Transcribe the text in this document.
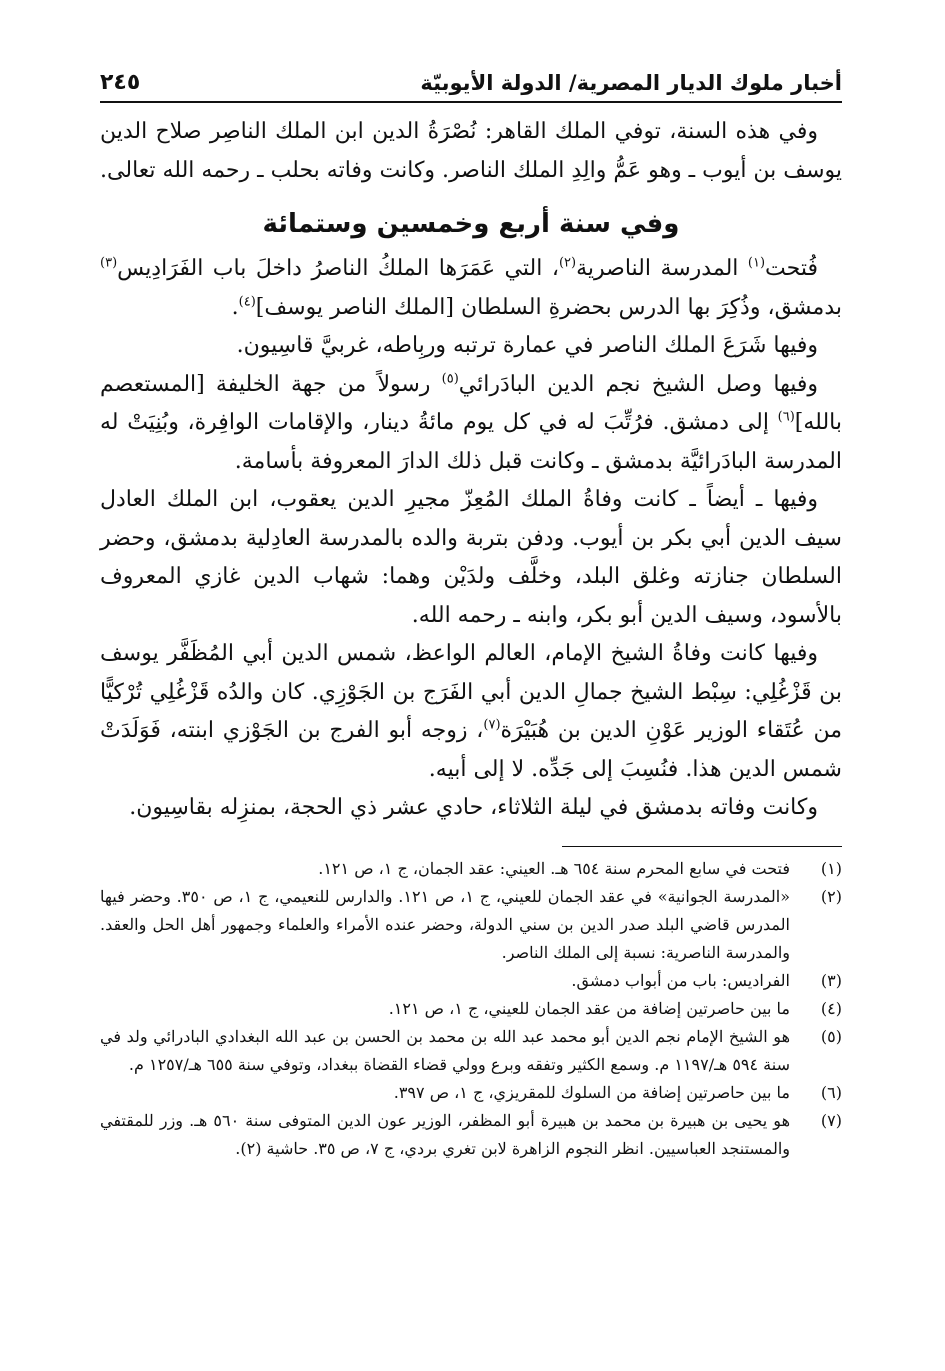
أخبار ملوك الديار المصرية/ الدولة الأيوبيّة
٢٤٥

وفي هذه السنة، توفي الملك القاهر: نُصْرَةُ الدين ابن الملك الناصِر صلاح الدين يوسف بن أيوب ـ وهو عَمُّ والِدِ الملك الناصر. وكانت وفاته بحلب ـ رحمه الله تعالى.

وفي سنة أربع وخمسين وستمائة

فُتحت$^{(١)}$ المدرسة الناصرية$^{(٢)}$، التي عَمَرَها الملكُ الناصرُ داخلَ باب الفَرَادِيس$^{(٣)}$ بدمشق، وذُكِرَ بها الدرس بحضرةِ السلطان [الملك الناصر يوسف]$^{(٤)}$.

وفيها شَرَعَ الملك الناصر في عمارة ترتبه وربِاطه، غربيَّ قاسِيون.

وفيها وصل الشيخ نجم الدين البادَرائي$^{(٥)}$ رسولاً من جهة الخليفة [المستعصم بالله]$^{(٦)}$ إلى دمشق. فرُتِّبَ له في كل يوم مائةُ دينار، والإقامات الوافِرة، وبُنِيَتْ له المدرسة البادَرائيَّة بدمشق ـ وكانت قبل ذلك الدارَ المعروفة بأسامة.

وفيها ـ أيضاً ـ كانت وفاةُ الملك المُعِزّ مجيرِ الدين يعقوب، ابن الملك العادل سيف الدين أبي بكر بن أيوب. ودفن بتربة والده بالمدرسة العادِلية بدمشق، وحضر السلطان جنازته وغلق البلد، وخلَّف ولدَيْن وهما: شهاب الدين غازي المعروف بالأسود، وسيف الدين أبو بكر، وابنه ـ رحمه الله.

وفيها كانت وفاةُ الشيخ الإمام، العالم الواعظ، شمس الدين أبي المُظَفَّر يوسف بن قَزْغُلِي: سِبْط الشيخ جمالِ الدين أبي الفَرَج بن الجَوْزِي. كان والدُه قَزْغُلِي تُرْكيًّا من عُتَقاء الوزير عَوْنِ الدين بن هُبَيْرَة$^{(٧)}$، زوجه أبو الفرج بن الجَوْزي ابنته، فَوَلَدَتْ شمس الدين هذا. فنُسِبَ إلى جَدِّه. لا إلى أبيه.

وكانت وفاته بدمشق في ليلة الثلاثاء، حادي عشر ذي الحجة، بمنزِله بقاسِيون.

(١)
فتحت في سابع المحرم سنة ٦٥٤ هـ. العيني: عقد الجمان، ج ١، ص ١٢١.
(٢)
«المدرسة الجوانية» في عقد الجمان للعيني، ج ١، ص ١٢١. والدارس للنعيمي، ج ١، ص ٣٥٠. وحضر فيها المدرس قاضي البلد صدر الدين بن سني الدولة، وحضر عنده الأمراء والعلماء وجمهور أهل الحل والعقد. والمدرسة الناصرية: نسبة إلى الملك الناصر.
(٣)
الفراديس: باب من أبواب دمشق.
(٤)
ما بين حاصرتين إضافة من عقد الجمان للعيني، ج ١، ص ١٢١.
(٥)
هو الشيخ الإمام نجم الدين أبو محمد عبد الله بن محمد بن الحسن بن عبد الله البغدادي البادرائي ولد في سنة ٥٩٤ هـ/١١٩٧ م. وسمع الكثير وتفقه وبرع وولي قضاء القضاة ببغداد، وتوفي سنة ٦٥٥ هـ/١٢٥٧ م.
(٦)
ما بين حاصرتين إضافة من السلوك للمقريزي، ج ١، ص ٣٩٧.
(٧)
هو يحيى بن هبيرة بن محمد بن هبيرة أبو المظفر، الوزير عون الدين المتوفى سنة ٥٦٠ هـ. وزر للمقتفي والمستنجد العباسيين. انظر النجوم الزاهرة لابن تغري بردي، ج ٧، ص ٣٥. حاشية (٢).
